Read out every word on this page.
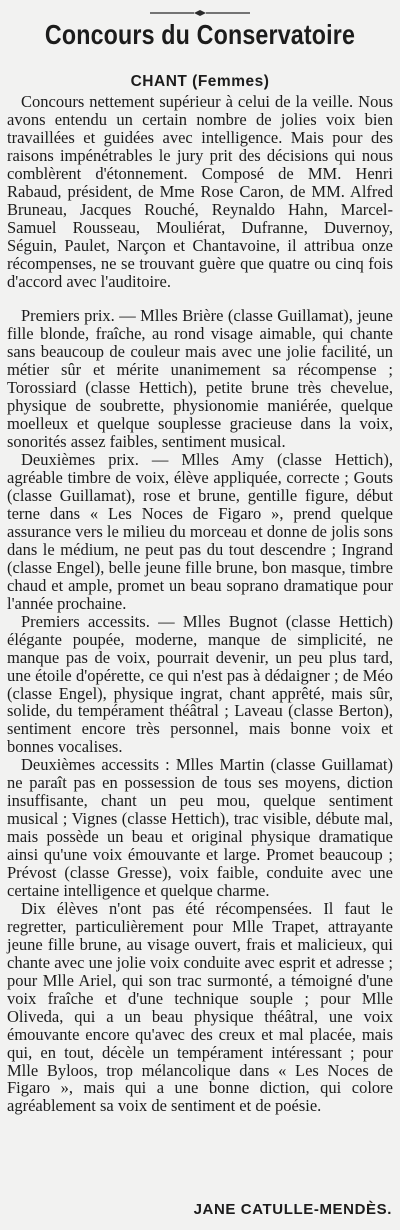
Concours du Conservatoire
CHANT (Femmes)

Concours nettement supérieur à celui de la veille. Nous avons entendu un certain nombre de jolies voix bien travaillées et guidées avec intelligence. Mais pour des raisons impénétrables le jury prit des décisions qui nous comblèrent d'étonnement. Composé de MM. Henri Rabaud, président, de Mme Rose Caron, de MM. Alfred Bruneau, Jacques Rouché, Reynaldo Hahn, Marcel-Samuel Rousseau, Mouliérat, Dufranne, Duvernoy, Séguin, Paulet, Narçon et Chantavoine, il attribua onze récompenses, ne se trouvant guère que quatre ou cinq fois d'accord avec l'auditoire.

Premiers prix. — Mlles Brière (classe Guillamat), jeune fille blonde, fraîche, au rond visage aimable, qui chante sans beaucoup de couleur mais avec une jolie facilité, un métier sûr et mérite unanimement sa récompense ; Torossiard (classe Hettich), petite brune très chevelue, physique de soubrette, physionomie maniérée, quelque moelleux et quelque souplesse gracieuse dans la voix, sonorités assez faibles, sentiment musical.

Deuxièmes prix. — Mlles Amy (classe Hettich), agréable timbre de voix, élève appliquée, correcte ; Gouts (classe Guillamat), rose et brune, gentille figure, début terne dans « Les Noces de Figaro », prend quelque assurance vers le milieu du morceau et donne de jolis sons dans le médium, ne peut pas du tout descendre ; Ingrand (classe Engel), belle jeune fille brune, bon masque, timbre chaud et ample, promet un beau soprano dramatique pour l'année prochaine.

Premiers accessits. — Mlles Bugnot (classe Hettich) élégante poupée, moderne, manque de simplicité, ne manque pas de voix, pourrait devenir, un peu plus tard, une étoile d'opérette, ce qui n'est pas à dédaigner ; de Méo (classe Engel), physique ingrat, chant apprêté, mais sûr, solide, du tempérament théâtral ; Laveau (classe Berton), sentiment encore très personnel, mais bonne voix et bonnes vocalises.

Deuxièmes accessits : Mlles Martin (classe Guillamat) ne paraît pas en possession de tous ses moyens, diction insuffisante, chant un peu mou, quelque sentiment musical ; Vignes (classe Hettich), trac visible, débute mal, mais possède un beau et original physique dramatique ainsi qu'une voix émouvante et large. Promet beaucoup ; Prévost (classe Gresse), voix faible, conduite avec une certaine intelligence et quelque charme.

Dix élèves n'ont pas été récompensées. Il faut le regretter, particulièrement pour Mlle Trapet, attrayante jeune fille brune, au visage ouvert, frais et malicieux, qui chante avec une jolie voix conduite avec esprit et adresse ; pour Mlle Ariel, qui son trac surmonté, a témoigné d'une voix fraîche et d'une technique souple ; pour Mlle Oliveda, qui a un beau physique théâtral, une voix émouvante encore qu'avec des creux et mal placée, mais qui, en tout, décèle un tempérament intéressant ; pour Mlle Byloos, trop mélancolique dans « Les Noces de Figaro », mais qui a une bonne diction, qui colore agréablement sa voix de sentiment et de poésie.

JANE CATULLE-MENDÈS.
